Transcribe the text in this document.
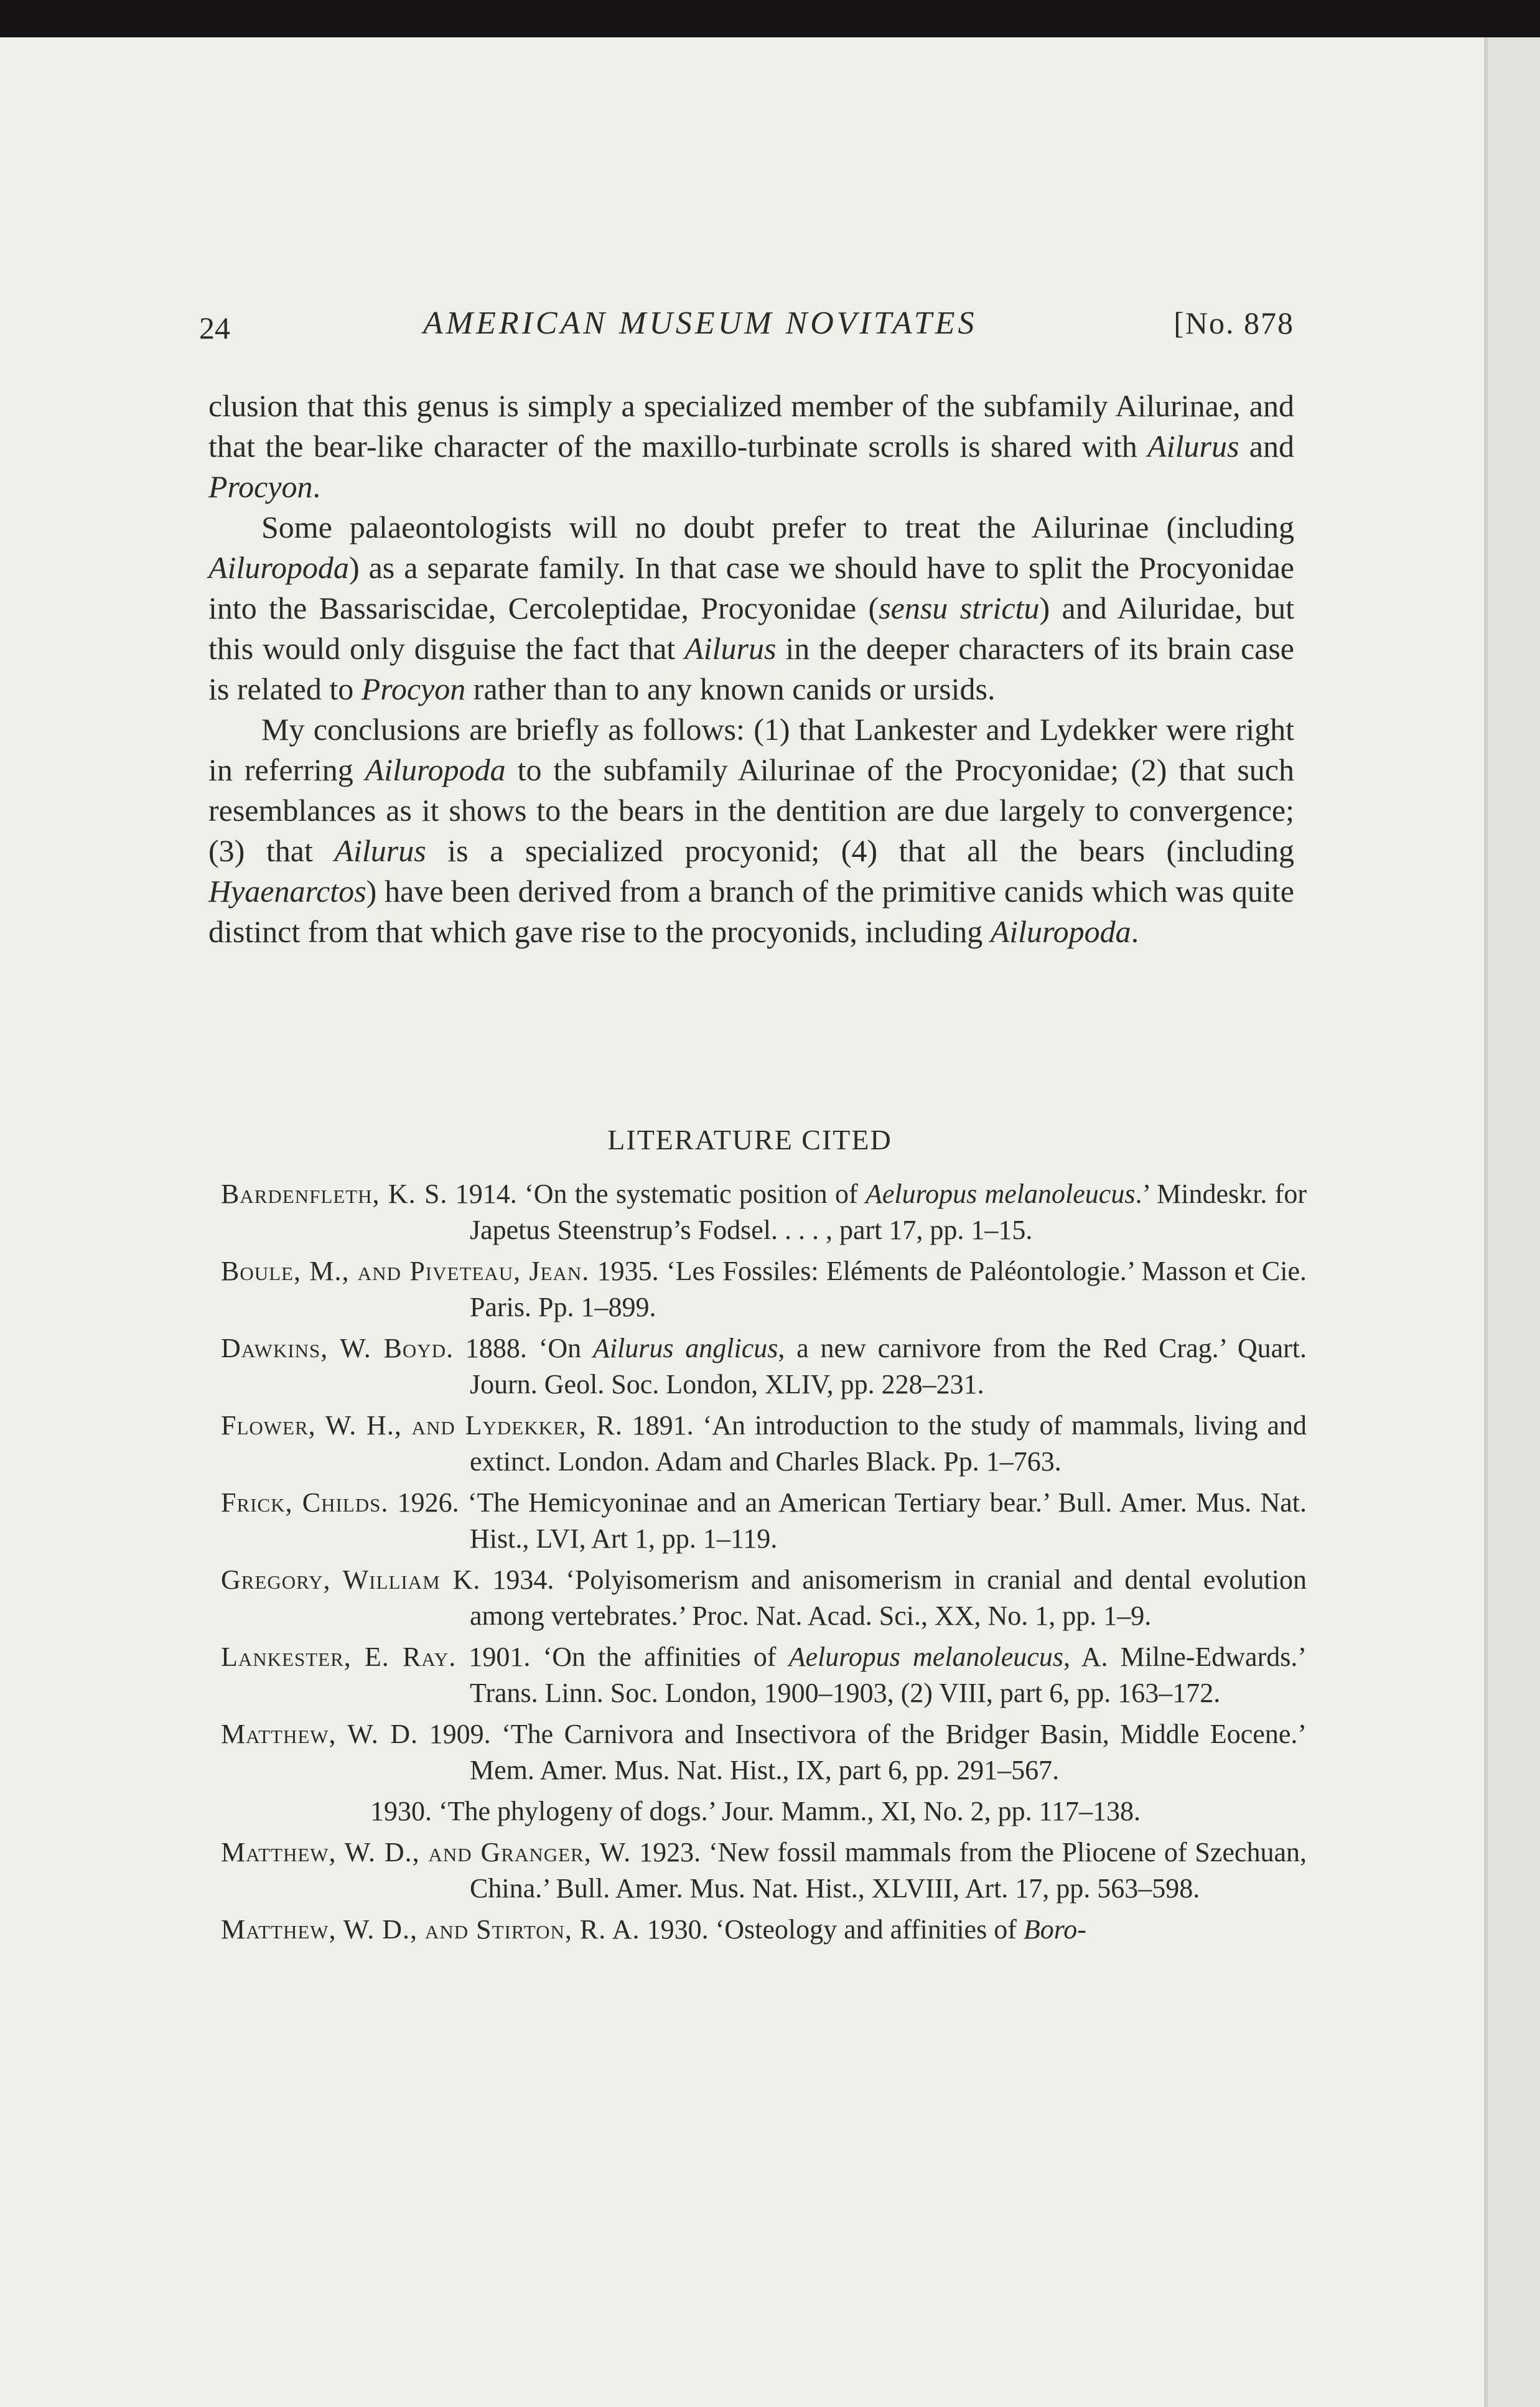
24	AMERICAN MUSEUM NOVITATES	[No. 878

clusion that this genus is simply a specialized member of the subfamily Ailurinae, and that the bear-like character of the maxillo-turbinate scrolls is shared with Ailurus and Procyon.

Some palaeontologists will no doubt prefer to treat the Ailurinae (including Ailuropoda) as a separate family. In that case we should have to split the Procyonidae into the Bassariscidae, Cercoleptidae, Procyonidae (sensu strictu) and Ailuridae, but this would only disguise the fact that Ailurus in the deeper characters of its brain case is related to Procyon rather than to any known canids or ursids.

My conclusions are briefly as follows: (1) that Lankester and Lydekker were right in referring Ailuropoda to the subfamily Ailurinae of the Procyonidae; (2) that such resemblances as it shows to the bears in the dentition are due largely to convergence; (3) that Ailurus is a specialized procyonid; (4) that all the bears (including Hyaenarctos) have been derived from a branch of the primitive canids which was quite distinct from that which gave rise to the procyonids, including Ailuropoda.

LITERATURE CITED
Bardenfleth, K. S. 1914. ‘On the systematic position of Aeluropus melanoleucus.’ Mindeskr. for Japetus Steenstrup’s Fodsel. . . . , part 17, pp. 1–15.
Boule, M., and Piveteau, Jean. 1935. ‘Les Fossiles: Eléments de Paléontologie.’ Masson et Cie. Paris. Pp. 1–899.
Dawkins, W. Boyd. 1888. ‘On Ailurus anglicus, a new carnivore from the Red Crag.’ Quart. Journ. Geol. Soc. London, XLIV, pp. 228–231.
Flower, W. H., and Lydekker, R. 1891. ‘An introduction to the study of mammals, living and extinct. London. Adam and Charles Black. Pp. 1–763.
Frick, Childs. 1926. ‘The Hemicyoninae and an American Tertiary bear.’ Bull. Amer. Mus. Nat. Hist., LVI, Art 1, pp. 1–119.
Gregory, William K. 1934. ‘Polyisomerism and anisomerism in cranial and dental evolution among vertebrates.’ Proc. Nat. Acad. Sci., XX, No. 1, pp. 1–9.
Lankester, E. Ray. 1901. ‘On the affinities of Aeluropus melanoleucus, A. Milne-Edwards.’ Trans. Linn. Soc. London, 1900–1903, (2) VIII, part 6, pp. 163–172.
Matthew, W. D. 1909. ‘The Carnivora and Insectivora of the Bridger Basin, Middle Eocene.’ Mem. Amer. Mus. Nat. Hist., IX, part 6, pp. 291–567.
1930. ‘The phylogeny of dogs.’ Jour. Mamm., XI, No. 2, pp. 117–138.
Matthew, W. D., and Granger, W. 1923. ‘New fossil mammals from the Pliocene of Szechuan, China.’ Bull. Amer. Mus. Nat. Hist., XLVIII, Art. 17, pp. 563–598.
Matthew, W. D., and Stirton, R. A. 1930. ‘Osteology and affinities of Boro-
